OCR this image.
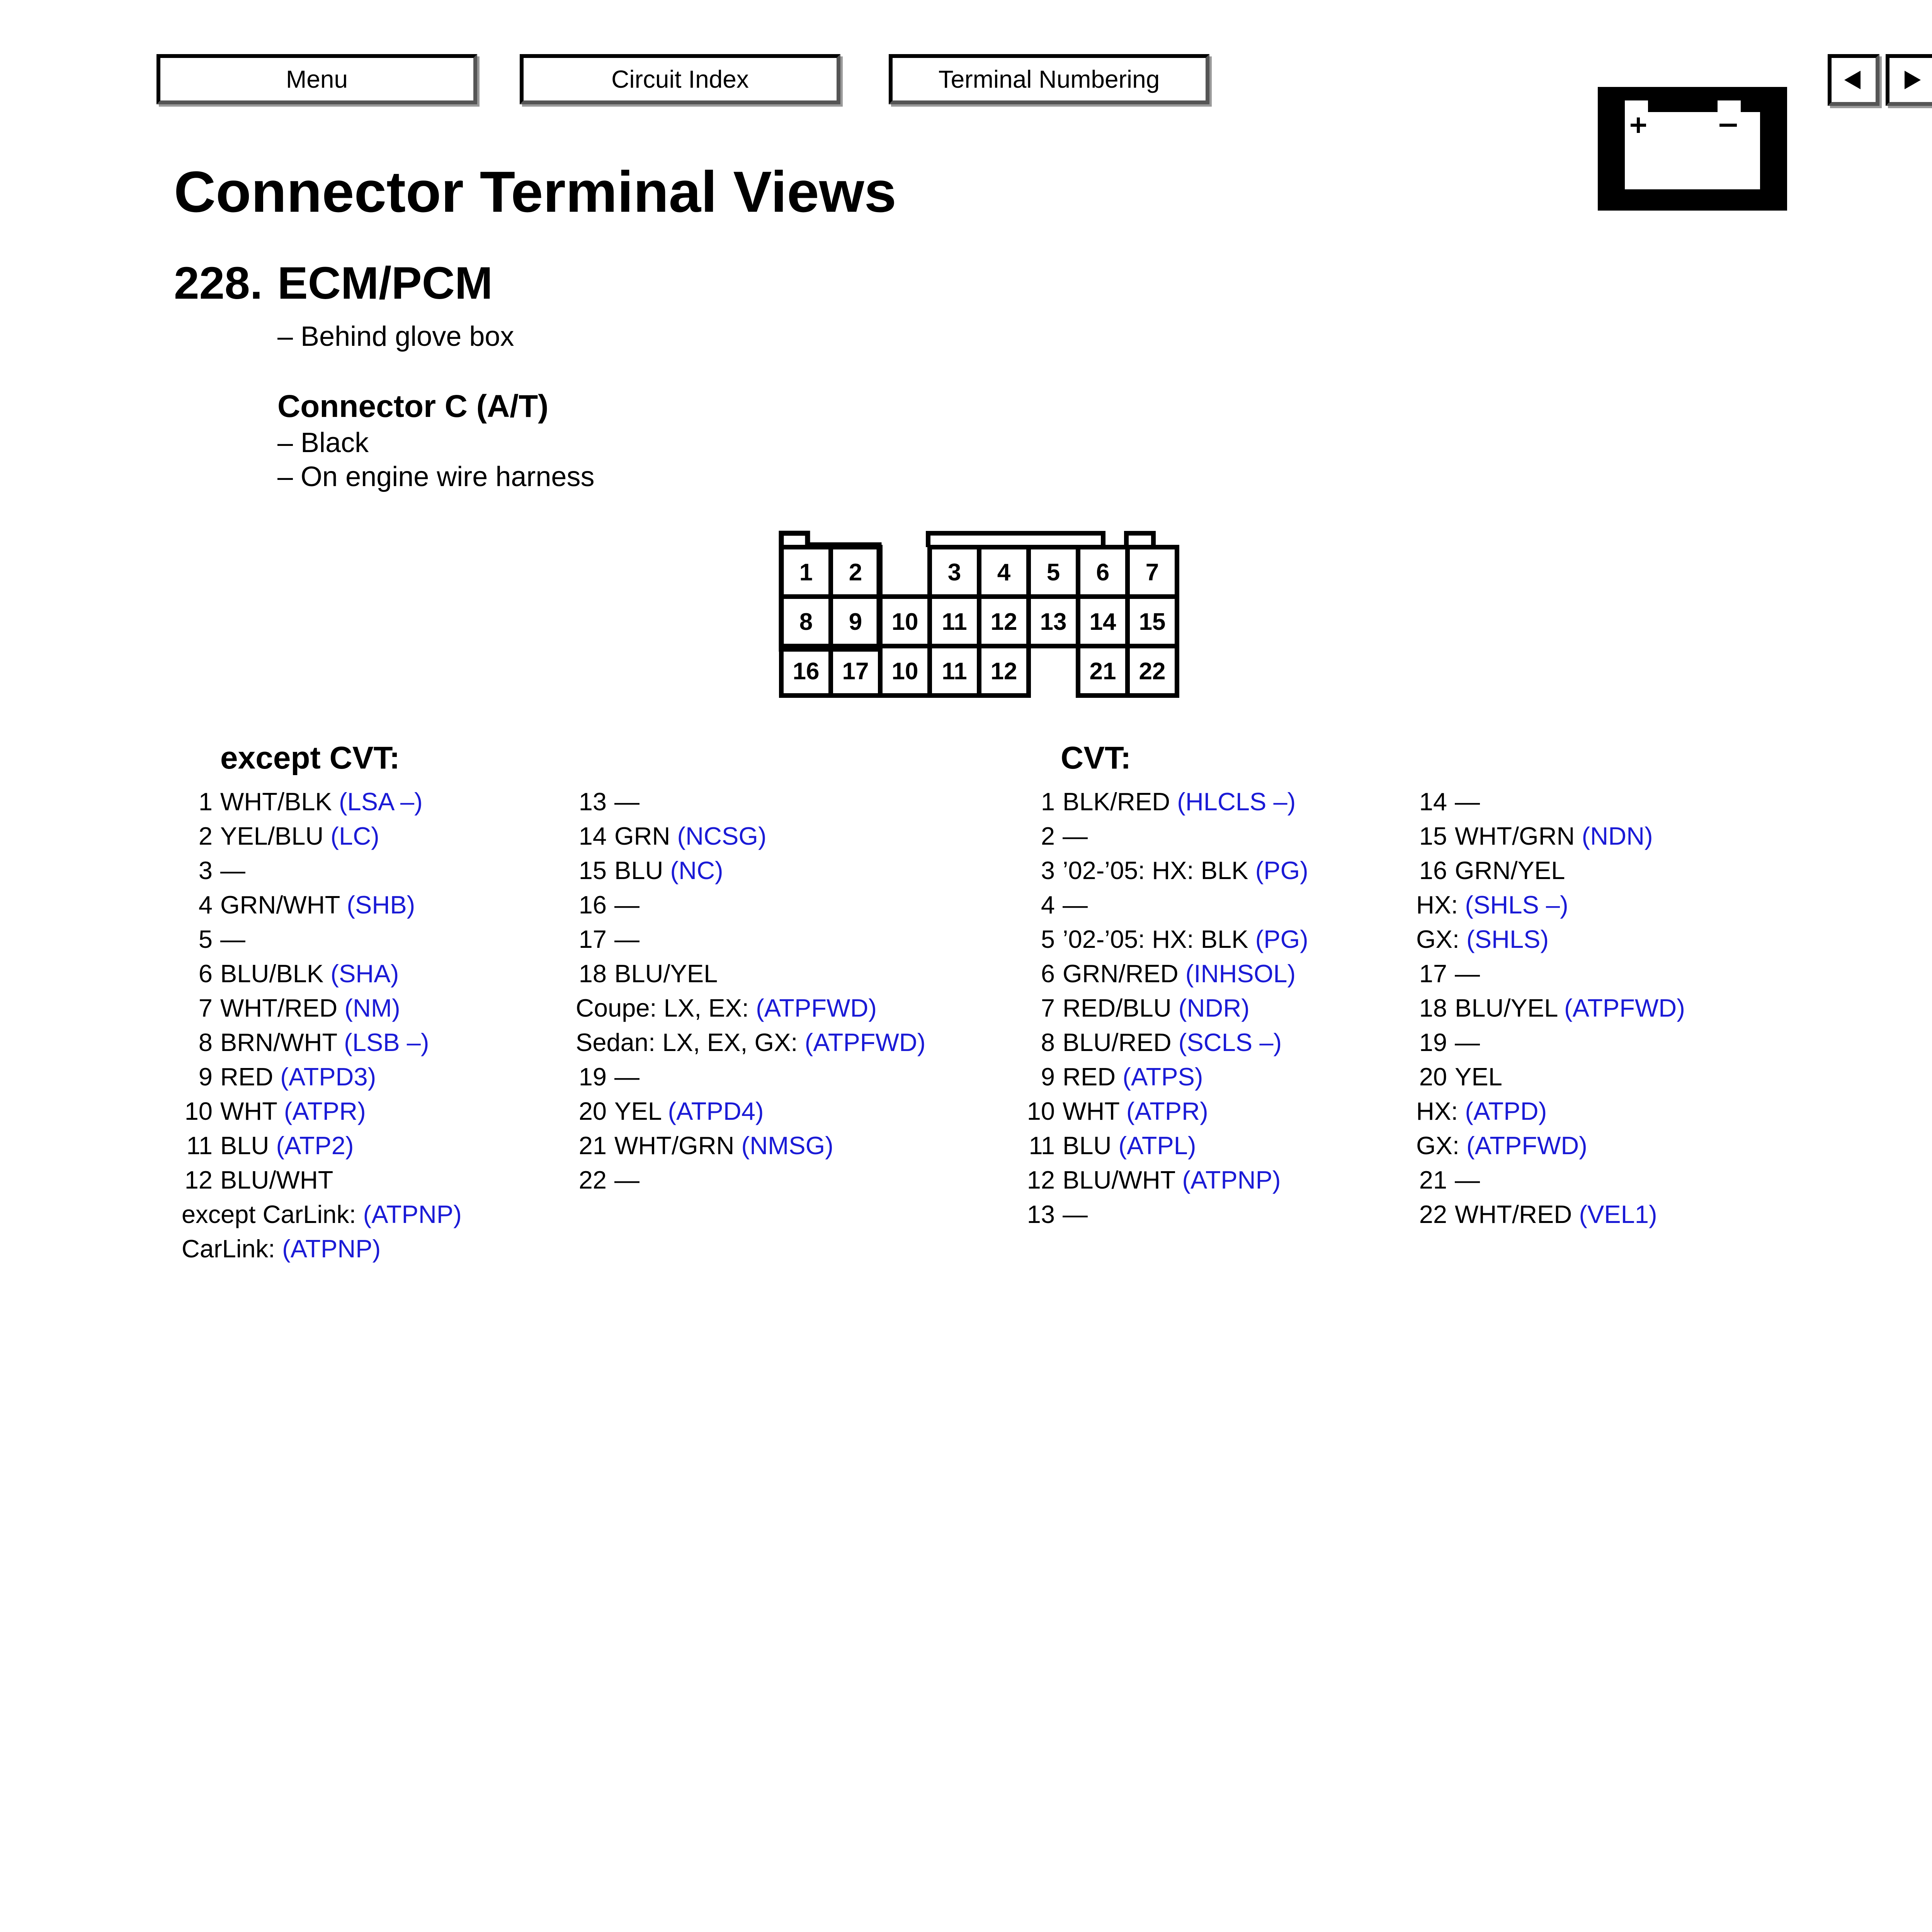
Menu	Circuit Index	Terminal Numbering
Connector Terminal Views
228. ECM/PCM
– Behind glove box
Connector C (A/T)
– Black
– On engine wire harness
1 2	3 4 5 6 7
8 9 10 11 12 13 14 15
16 17 10 11 12	21 22
except CVT:	CVT:
1 WHT/BLK (LSA –)
2 YEL/BLU (LC)
3 —
4 GRN/WHT (SHB)
5 —
6 BLU/BLK (SHA)
7 WHT/RED (NM)
8 BRN/WHT (LSB –)
9 RED (ATPD3)
10 WHT (ATPR)
11 BLU (ATP2)
12 BLU/WHT
except CarLink: (ATPNP)
CarLink: (ATPNP)
13 —
14 GRN (NCSG)
15 BLU (NC)
16 —
17 —
18 BLU/YEL
Coupe: LX, EX: (ATPFWD)
Sedan: LX, EX, GX: (ATPFWD)
19 —
20 YEL (ATPD4)
21 WHT/GRN (NMSG)
22 —
1 BLK/RED (HLCLS –)
2 —
3 ’02-’05: HX: BLK (PG)
4 —
5 ’02-’05: HX: BLK (PG)
6 GRN/RED (INHSOL)
7 RED/BLU (NDR)
8 BLU/RED (SCLS –)
9 RED (ATPS)
10 WHT (ATPR)
11 BLU (ATPL)
12 BLU/WHT (ATPNP)
13 —
14 —
15 WHT/GRN (NDN)
16 GRN/YEL
HX: (SHLS –)
GX: (SHLS)
17 —
18 BLU/YEL (ATPFWD)
19 —
20 YEL
HX: (ATPD)
GX: (ATPFWD)
21 —
22 WHT/RED (VEL1)
